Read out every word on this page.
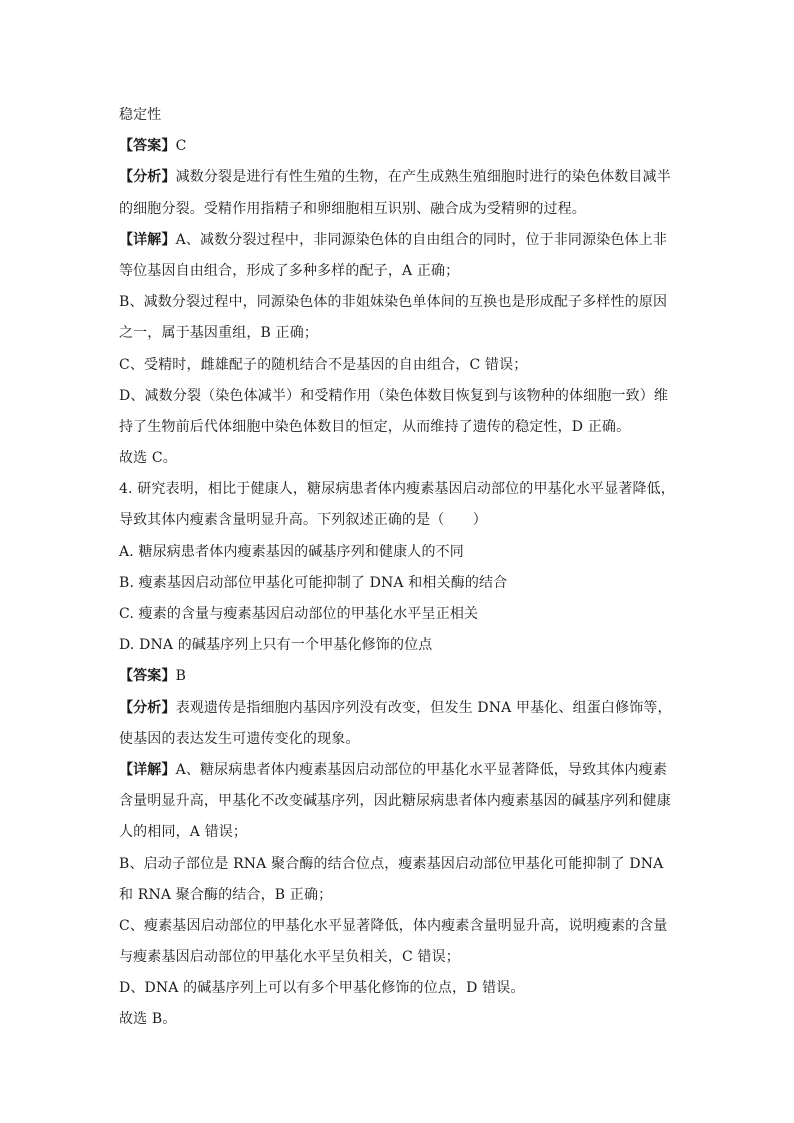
稳定性
【答案】C
【分析】减数分裂是进行有性生殖的生物，在产生成熟生殖细胞时进行的染色体数目减半
的细胞分裂。受精作用指精子和卵细胞相互识别、融合成为受精卵的过程。
【详解】A、减数分裂过程中，非同源染色体的自由组合的同时，位于非同源染色体上非
等位基因自由组合，形成了多种多样的配子，A 正确；
B、减数分裂过程中，同源染色体的非姐妹染色单体间的互换也是形成配子多样性的原因
之一，属于基因重组，B 正确；
C、受精时，雌雄配子的随机结合不是基因的自由组合，C 错误；
D、减数分裂（染色体减半）和受精作用（染色体数目恢复到与该物种的体细胞一致）维
持了生物前后代体细胞中染色体数目的恒定，从而维持了遗传的稳定性，D 正确。
故选 C。
4. 研究表明，相比于健康人，糖尿病患者体内瘦素基因启动部位的甲基化水平显著降低，
导致其体内瘦素含量明显升高。下列叙述正确的是（　　）
A. 糖尿病患者体内瘦素基因的碱基序列和健康人的不同
B. 瘦素基因启动部位甲基化可能抑制了 DNA 和相关酶的结合
C. 瘦素的含量与瘦素基因启动部位的甲基化水平呈正相关
D. DNA 的碱基序列上只有一个甲基化修饰的位点
【答案】B
【分析】表观遗传是指细胞内基因序列没有改变，但发生 DNA 甲基化、组蛋白修饰等，
使基因的表达发生可遗传变化的现象。
【详解】A、糖尿病患者体内瘦素基因启动部位的甲基化水平显著降低，导致其体内瘦素
含量明显升高，甲基化不改变碱基序列，因此糖尿病患者体内瘦素基因的碱基序列和健康
人的相同，A 错误；
B、启动子部位是 RNA 聚合酶的结合位点，瘦素基因启动部位甲基化可能抑制了 DNA
和 RNA 聚合酶的结合，B 正确；
C、瘦素基因启动部位的甲基化水平显著降低，体内瘦素含量明显升高，说明瘦素的含量
与瘦素基因启动部位的甲基化水平呈负相关，C 错误；
D、DNA 的碱基序列上可以有多个甲基化修饰的位点，D 错误。
故选 B。
